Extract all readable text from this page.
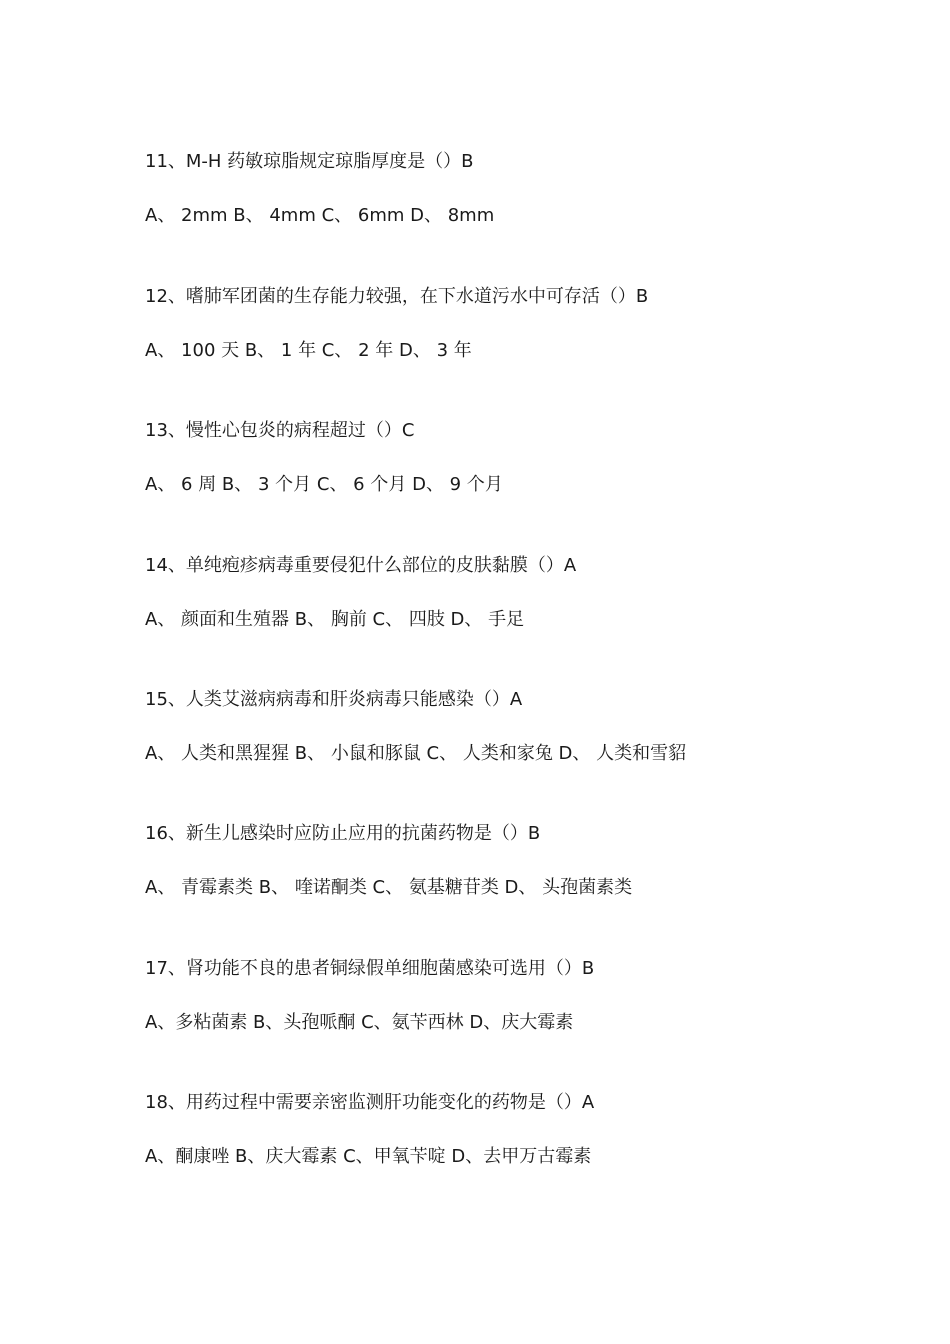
11、M-H 药敏琼脂规定琼脂厚度是（）B
A、 2mm B、 4mm C、 6mm D、 8mm
12、嗜肺军团菌的生存能力较强，在下水道污水中可存活（）B
A、 100 天 B、 1 年 C、 2 年 D、 3 年
13、慢性心包炎的病程超过（）C
A、 6 周 B、 3 个月 C、 6 个月 D、 9 个月
14、单纯疱疹病毒重要侵犯什么部位的皮肤黏膜（）A
A、 颜面和生殖器 B、 胸前 C、 四肢 D、 手足
15、人类艾滋病病毒和肝炎病毒只能感染（）A
A、 人类和黑猩猩 B、 小鼠和豚鼠 C、 人类和家兔 D、 人类和雪貂
16、新生儿感染时应防止应用的抗菌药物是（）B
A、 青霉素类 B、 喹诺酮类 C、 氨基糖苷类 D、 头孢菌素类
17、肾功能不良的患者铜绿假单细胞菌感染可选用（）B
A、多粘菌素 B、头孢哌酮 C、氨苄西林 D、庆大霉素
18、用药过程中需要亲密监测肝功能变化的药物是（）A
A、酮康唑 B、庆大霉素 C、甲氧苄啶 D、去甲万古霉素
